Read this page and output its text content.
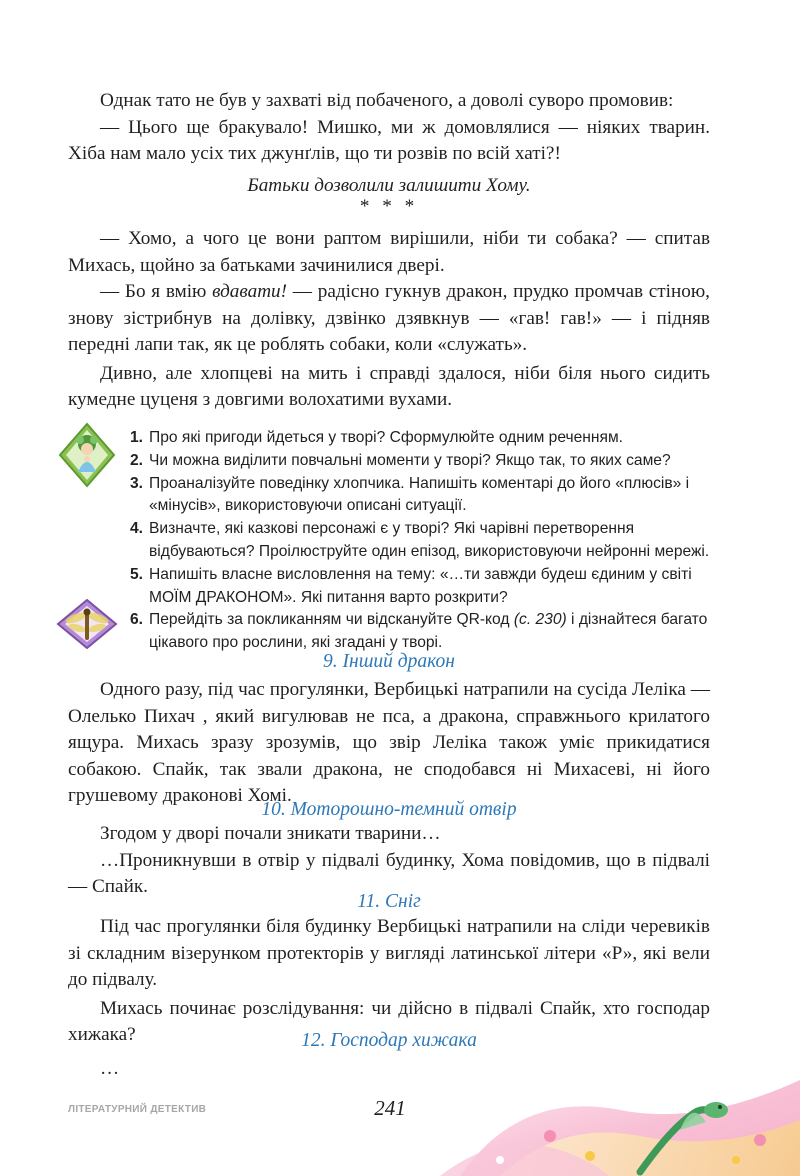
Однак тато не був у захваті від побаченого, а доволі суворо промовив:

— Цього ще бракувало! Мишко, ми ж домовлялися — ніяких тварин. Хіба нам мало усіх тих джунґлів, що ти розвів по всій хаті?!

Батьки дозволили залишити Хому.

* * *

— Хомо, а чого це вони раптом вирішили, ніби ти собака? — спитав Михась, щойно за батьками зачинилися двері.

— Бо я вмію вдавати! — радісно гукнув дракон, прудко промчав стіною, знову зістрибнув на долівку, дзвінко дзявкнув — «гав! гав!» — і підняв передні лапи так, як це роблять собаки, коли «служать».

Дивно, але хлопцеві на мить і справді здалося, ніби біля нього сидить кумедне цуценя з довгими волохатими вухами.

1. Про які пригоди йдеться у творі? Сформулюйте одним реченням.
2. Чи можна виділити повчальні моменти у творі? Якщо так, то яких саме?
3. Проаналізуйте поведінку хлопчика. Напишіть коментарі до його «плюсів» і «мінусів», використовуючи описані ситуації.
4. Визначте, які казкові персонажі є у творі? Які чарівні перетворення відбуваються? Проілюструйте один епізод, використовуючи нейронні мережі.
5. Напишіть власне висловлення на тему: «…ти завжди будеш єдиним у світі МОЇМ ДРАКОНОМ». Які питання варто розкрити?
6. Перейдіть за покликанням чи відскануйте QR-код (с. 230) і дізнайтеся багато цікавого про рослини, які згадані у творі.

9. Інший дракон

Одного разу, під час прогулянки, Вербицькі натрапили на сусіда Леліка — Олелько Пихач , який вигулював не пса, а дракона, справжнього крилатого ящура. Михась зразу зрозумів, що звір Леліка також уміє прикидатися собакою. Спайк, так звали дракона, не сподобався ні Михасеві, ні його грушевому драконові Хомі.

10. Моторошно-темний отвір

Згодом у дворі почали зникати тварини…

…Проникнувши в отвір у підвалі будинку, Хома повідомив, що в підвалі — Спайк.

11. Сніг

Під час прогулянки біля будинку Вербицькі натрапили на сліди черевиків зі складним візерунком протекторів у вигляді латинської літери «Р», які вели до підвалу.

Михась починає розслідування: чи дійсно в підвалі Спайк, хто господар хижака?	12. Господар хижака

…

ЛІТЕРАТУРНИЙ ДЕТЕКТИВ	241
